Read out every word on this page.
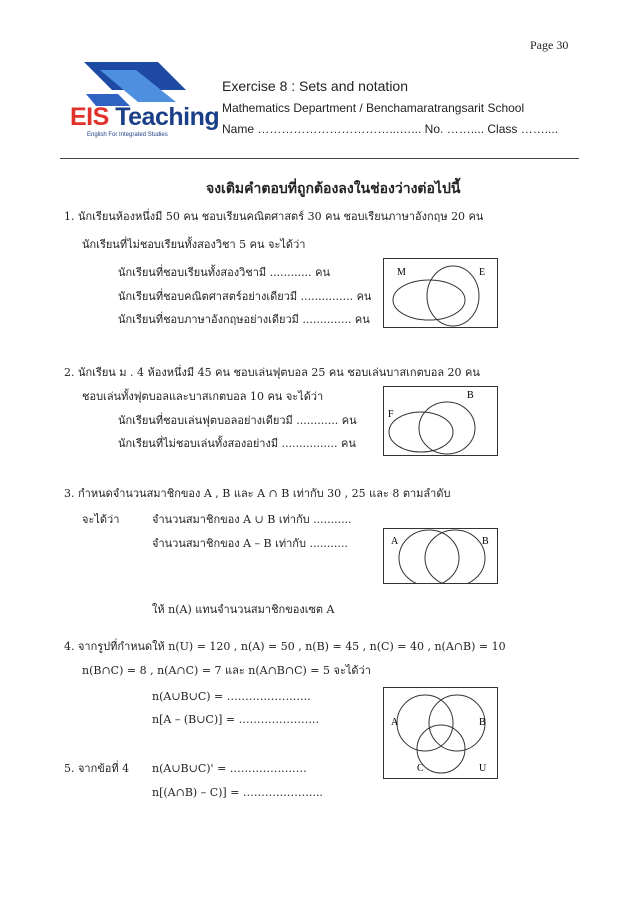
Page 30
EIS Teaching
English For Integrated Studies
Exercise 8 : Sets and notation
Mathematics Department / Benchamaratrangsarit School
Name ……………………………...…... No. …….... Class ……....
จงเติมคำตอบที่ถูกต้องลงในช่องว่างต่อไปนี้
1. นักเรียนห้องหนึ่งมี 50 คน ชอบเรียนคณิตศาสตร์ 30 คน ชอบเรียนภาษาอังกฤษ 20 คน
นักเรียนที่ไม่ชอบเรียนทั้งสองวิชา 5 คน จะได้ว่า
นักเรียนที่ชอบเรียนทั้งสองวิชามี ............ คน
นักเรียนที่ชอบคณิตศาสตร์อย่างเดียวมี ............... คน
นักเรียนที่ชอบภาษาอังกฤษอย่างเดียวมี .............. คน
M	E
2. นักเรียน ม . 4 ห้องหนึ่งมี 45 คน ชอบเล่นฟุตบอล 25 คน ชอบเล่นบาสเกตบอล 20 คน
ชอบเล่นทั้งฟุตบอลและบาสเกตบอล 10 คน จะได้ว่า
นักเรียนที่ชอบเล่นฟุตบอลอย่างเดียวมี ............ คน
นักเรียนที่ไม่ชอบเล่นทั้งสองอย่างมี ................ คน
F
B
3. กำหนดจำนวนสมาชิกของ A , B และ A ∩ B เท่ากับ 30 , 25 และ 8 ตามลำดับ
จะได้ว่า	จำนวนสมาชิกของ A ∪ B เท่ากับ ...........
จำนวนสมาชิกของ A – B เท่ากับ ...........
ให้ n(A) แทนจำนวนสมาชิกของเซต A
A	B
4. จากรูปที่กำหนดให้ n(U) = 120 , n(A) = 50 , n(B) = 45 , n(C) = 40 , n(A∩B) = 10
n(B∩C) = 8 , n(A∩C) = 7 และ n(A∩B∩C) = 5 จะได้ว่า
n(A∪B∪C) = ……………….….
n[A – (B∪C)] = ………………….	A	B
C	U
5. จากข้อที่ 4 n(A∪B∪C)' = …………………
n[(A∩B) – C)] = ………………....
